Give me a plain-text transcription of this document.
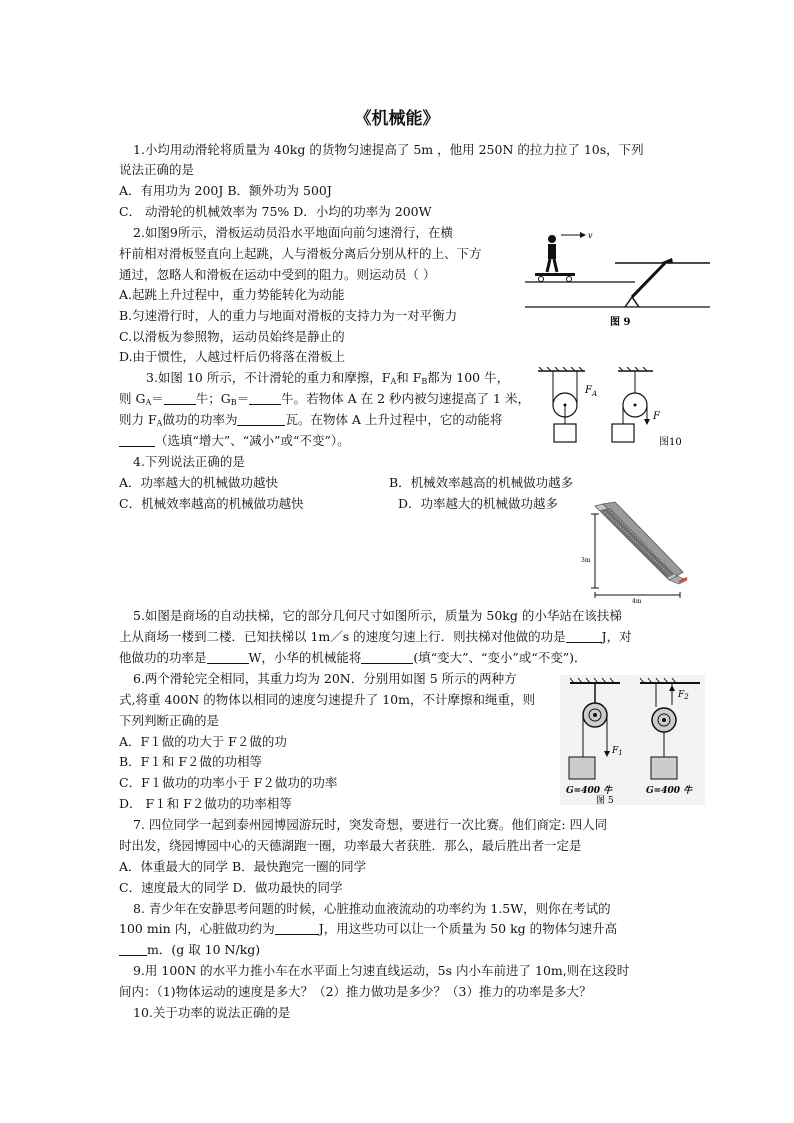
《机械能》
1.小均用动滑轮将质量为 40kg 的货物匀速提高了 5m ，他用 250N 的拉力拉了 10s，下列
说法正确的是
A．有用功为 200J B．额外功为 500J
C． 动滑轮的机械效率为 75% D．小均的功率为 200W
2.如图9所示，滑板运动员沿水平地面向前匀速滑行，在横
杆前相对滑板竖直向上起跳，人与滑板分离后分别从杆的上、下方
通过，忽略人和滑板在运动中受到的阻力。则运动员（ ）
A.起跳上升过程中，重力势能转化为动能
B.匀速滑行时，人的重力与地面对滑板的支持力为一对平衡力
C.以滑板为参照物，运动员始终是静止的
D.由于惯性，人越过杆后仍将落在滑板上
v
图 9
3.如图 10 所示，不计滑轮的重力和摩擦，$F_A$和 $F_B$都为 100 牛，
则 $G_A=$	牛；$G_B=$	牛。若物体 A 在 2 秒内被匀速提高了 1 米，
则力 $F_A$做功的功率为	瓦。在物体 A 上升过程中，它的动能将
（选填“增大”、“减小”或“不变”）。
$F_A$
F
图10
4.下列说法正确的是
A．功率越大的机械做功越快	B．机械效率越高的机械做功越多
C．机械效率越高的机械做功越快	D．功率越大的机械做功越多
3m
4m
5.如图是商场的自动扶梯，它的部分几何尺寸如图所示，质量为 50kg 的小华站在该扶梯
上从商场一楼到二楼．已知扶梯以 1m／s 的速度匀速上行．则扶梯对他做的功是	J，对
他做功的功率是	W，小华的机械能将	(填“变大”、“变小”或“不变”)．
6.两个滑轮完全相同，其重力均为 20N．分别用如图 5 所示的两种方
式,将重 400N 的物体以相同的速度匀速提升了 10m，不计摩擦和绳重，则
下列判断正确的是
A．F１做的功大于 F２做的功
B．F１和 F２做的功相等
C．F１做功的功率小于 F２做功的功率
D． F１和 F２做功的功率相等
$F_1$
G=400 牛
$F_2$
G=400 牛
图 5
7. 四位同学一起到泰州园博园游玩时，突发奇想，要进行一次比赛。他们商定: 四人同
时出发，绕园博园中心的天德湖跑一圈，功率最大者获胜．那么，最后胜出者一定是
A．体重最大的同学 B．最快跑完一圈的同学
C．速度最大的同学 D．做功最快的同学
8. 青少年在安静思考问题的时候，心脏推动血液流动的功率约为 1.5W，则你在考试的
100 min 内，心脏做功约为	J，用这些功可以让一个质量为 50 kg 的物体匀速升高
m．(g 取 10 N/kg)
9.用 100N 的水平力推小车在水平面上匀速直线运动，5s 内小车前进了 10m,则在这段时
间内：（1)物体运动的速度是多大？（2）推力做功是多少？（3）推力的功率是多大？
10.关于功率的说法正确的是
